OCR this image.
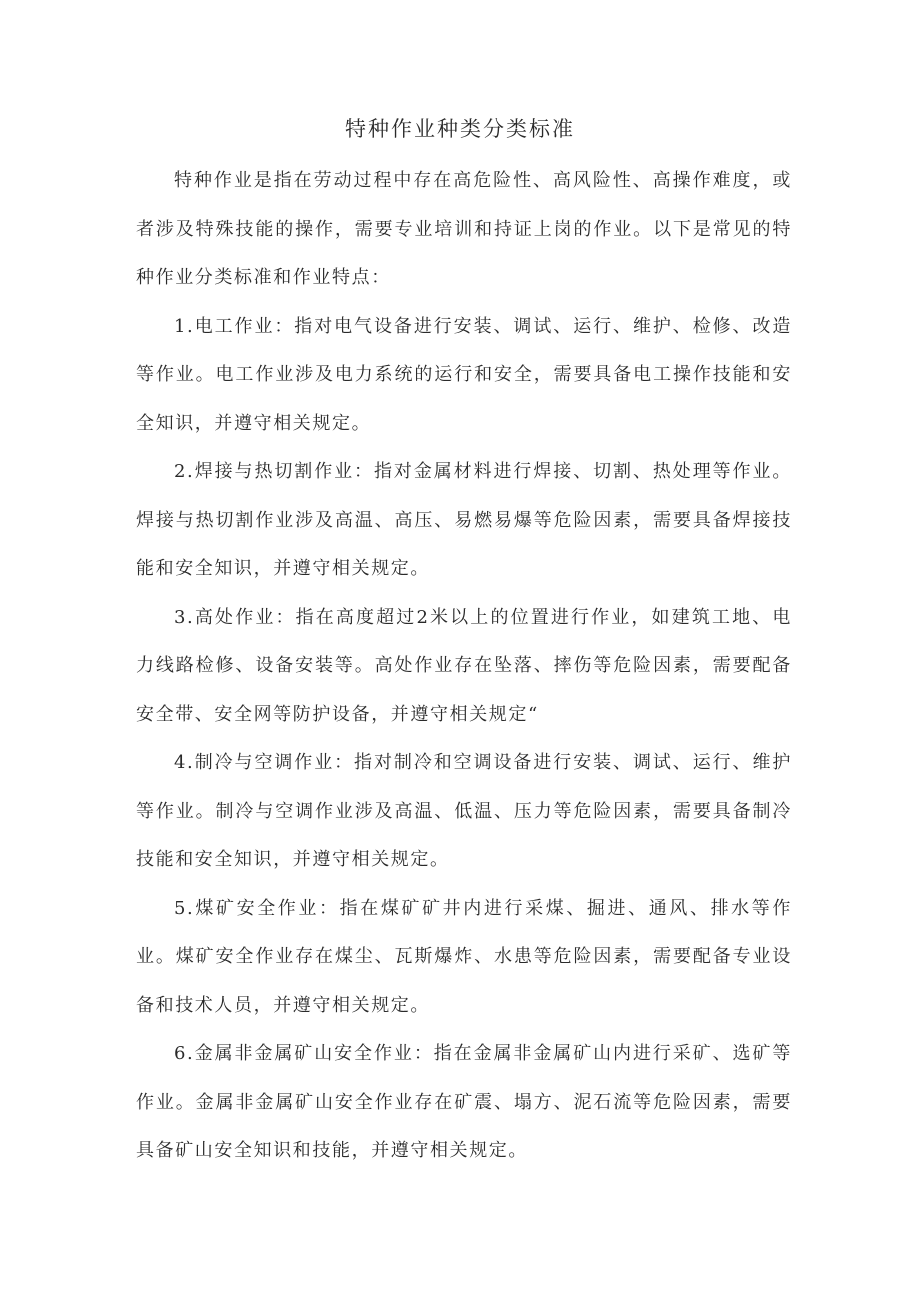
特种作业种类分类标准

特种作业是指在劳动过程中存在高危险性、高风险性、高操作难度，或者涉及特殊技能的操作，需要专业培训和持证上岗的作业。以下是常见的特种作业分类标准和作业特点：

1.电工作业：指对电气设备进行安装、调试、运行、维护、检修、改造等作业。电工作业涉及电力系统的运行和安全，需要具备电工操作技能和安全知识，并遵守相关规定。

2.焊接与热切割作业：指对金属材料进行焊接、切割、热处理等作业。焊接与热切割作业涉及高温、高压、易燃易爆等危险因素，需要具备焊接技能和安全知识，并遵守相关规定。

3.高处作业：指在高度超过2米以上的位置进行作业，如建筑工地、电力线路检修、设备安装等。高处作业存在坠落、摔伤等危险因素，需要配备安全带、安全网等防护设备，并遵守相关规定“

4.制冷与空调作业：指对制冷和空调设备进行安装、调试、运行、维护等作业。制冷与空调作业涉及高温、低温、压力等危险因素，需要具备制冷技能和安全知识，并遵守相关规定。

5.煤矿安全作业：指在煤矿矿井内进行采煤、掘进、通风、排水等作业。煤矿安全作业存在煤尘、瓦斯爆炸、水患等危险因素，需要配备专业设备和技术人员，并遵守相关规定。

6.金属非金属矿山安全作业：指在金属非金属矿山内进行采矿、选矿等作业。金属非金属矿山安全作业存在矿震、塌方、泥石流等危险因素，需要具备矿山安全知识和技能，并遵守相关规定。
